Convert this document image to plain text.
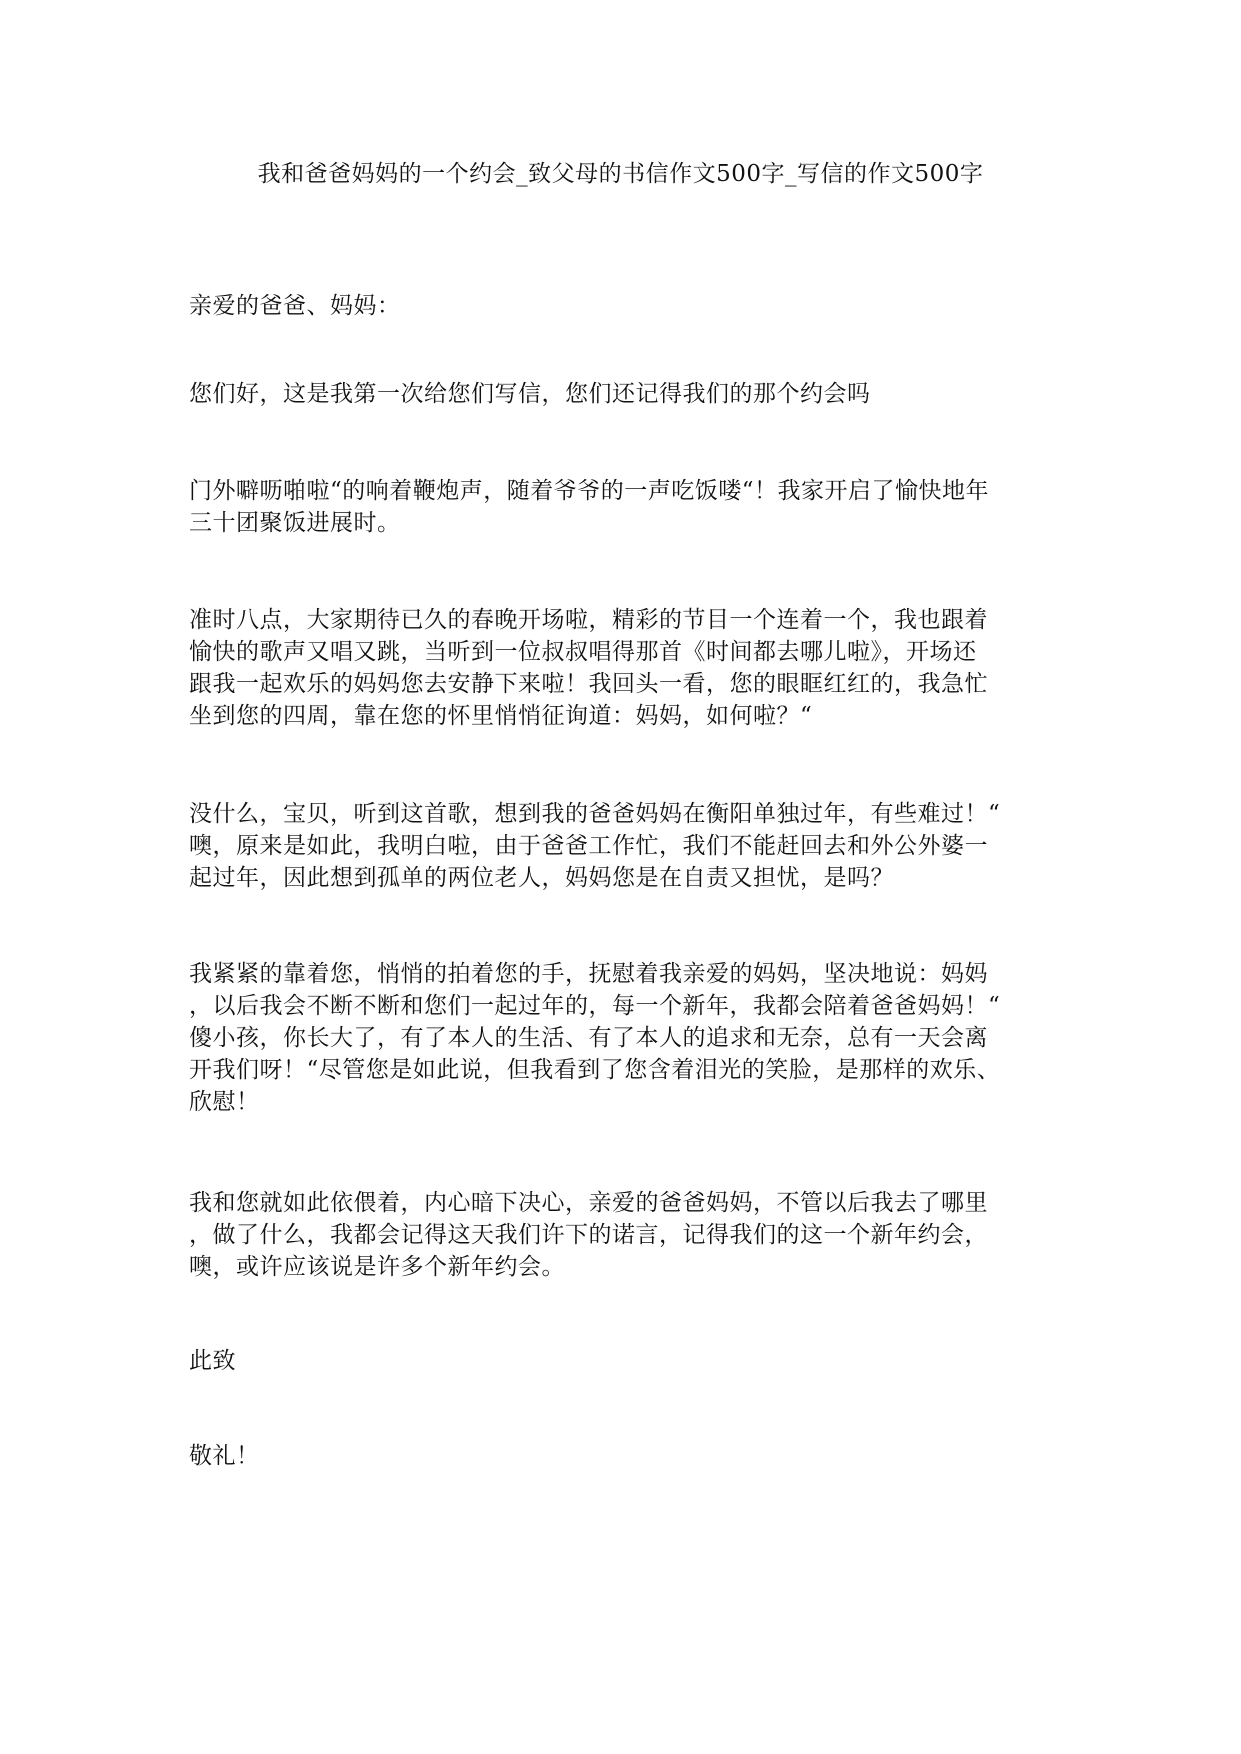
我和爸爸妈妈的一个约会_致父母的书信作文500字_写信的作文500字

亲爱的爸爸、妈妈：

您们好，这是我第一次给您们写信，您们还记得我们的那个约会吗

门外噼呖啪啦“的响着鞭炮声，随着爷爷的一声吃饭喽“！我家开启了愉快地年
三十团聚饭进展时。

准时八点，大家期待已久的春晚开场啦，精彩的节目一个连着一个，我也跟着
愉快的歌声又唱又跳，当听到一位叔叔唱得那首《时间都去哪儿啦》，开场还
跟我一起欢乐的妈妈您去安静下来啦！我回头一看，您的眼眶红红的，我急忙
坐到您的四周，靠在您的怀里悄悄征询道：妈妈，如何啦？“

没什么，宝贝，听到这首歌，想到我的爸爸妈妈在衡阳单独过年，有些难过！“
噢，原来是如此，我明白啦，由于爸爸工作忙，我们不能赶回去和外公外婆一
起过年，因此想到孤单的两位老人，妈妈您是在自责又担忧，是吗？

我紧紧的靠着您，悄悄的拍着您的手，抚慰着我亲爱的妈妈，坚决地说：妈妈
，以后我会不断不断和您们一起过年的，每一个新年，我都会陪着爸爸妈妈！“
傻小孩，你长大了，有了本人的生活、有了本人的追求和无奈，总有一天会离
开我们呀！“尽管您是如此说，但我看到了您含着泪光的笑脸，是那样的欢乐、
欣慰！

我和您就如此依偎着，内心暗下决心，亲爱的爸爸妈妈，不管以后我去了哪里
，做了什么，我都会记得这天我们许下的诺言，记得我们的这一个新年约会，
噢，或许应该说是许多个新年约会。

此致

敬礼！
